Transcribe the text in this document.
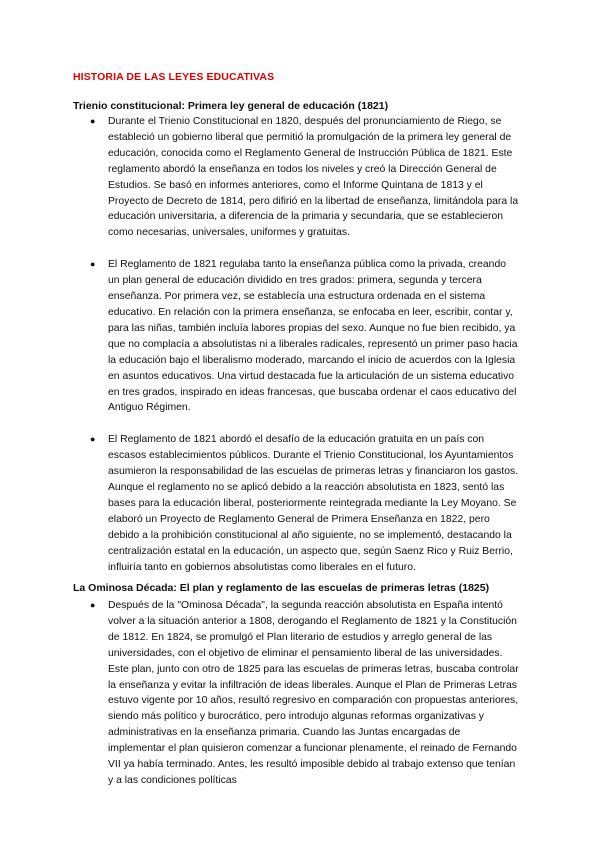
HISTORIA DE LAS LEYES EDUCATIVAS
Trienio constitucional: Primera ley general de educación (1821)
● Durante el Trienio Constitucional en 1820, después del pronunciamiento de Riego, se estableció un gobierno liberal que permitió la promulgación de la primera ley general de educación, conocida como el Reglamento General de Instrucción Pública de 1821. Este reglamento abordó la enseñanza en todos los niveles y creó la Dirección General de Estudios. Se basó en informes anteriores, como el Informe Quintana de 1813 y el Proyecto de Decreto de 1814, pero difirió en la libertad de enseñanza, limitándola para la educación universitaria, a diferencia de la primaria y secundaria, que se establecieron como necesarias, universales, uniformes y gratuitas.
● El Reglamento de 1821 regulaba tanto la enseñanza pública como la privada, creando un plan general de educación dividido en tres grados: primera, segunda y tercera enseñanza. Por primera vez, se establecía una estructura ordenada en el sistema educativo. En relación con la primera enseñanza, se enfocaba en leer, escribir, contar y, para las niñas, también incluía labores propias del sexo. Aunque no fue bien recibido, ya que no complacía a absolutistas ni a liberales radicales, representó un primer paso hacia la educación bajo el liberalismo moderado, marcando el inicio de acuerdos con la Iglesia en asuntos educativos. Una virtud destacada fue la articulación de un sistema educativo en tres grados, inspirado en ideas francesas, que buscaba ordenar el caos educativo del Antiguo Régimen.
● El Reglamento de 1821 abordó el desafío de la educación gratuita en un país con escasos establecimientos públicos. Durante el Trienio Constitucional, los Ayuntamientos asumieron la responsabilidad de las escuelas de primeras letras y financiaron los gastos. Aunque el reglamento no se aplicó debido a la reacción absolutista en 1823, sentó las bases para la educación liberal, posteriormente reintegrada mediante la Ley Moyano. Se elaboró un Proyecto de Reglamento General de Primera Enseñanza en 1822, pero debido a la prohibición constitucional al año siguiente, no se implementó, destacando la centralización estatal en la educación, un aspecto que, según Saenz Rico y Ruiz Berrio, influiría tanto en gobiernos absolutistas como liberales en el futuro.
La Ominosa Década: El plan y reglamento de las escuelas de primeras letras (1825)
● Después de la "Ominosa Década", la segunda reacción absolutista en España intentó volver a la situación anterior a 1808, derogando el Reglamento de 1821 y la Constitución de 1812. En 1824, se promulgó el Plan literario de estudios y arreglo general de las universidades, con el objetivo de eliminar el pensamiento liberal de las universidades. Este plan, junto con otro de 1825 para las escuelas de primeras letras, buscaba controlar la enseñanza y evitar la infiltración de ideas liberales. Aunque el Plan de Primeras Letras estuvo vigente por 10 años, resultó regresivo en comparación con propuestas anteriores, siendo más político y burocrático, pero introdujo algunas reformas organizativas y administrativas en la enseñanza primaria. Cuando las Juntas encargadas de implementar el plan quisieron comenzar a funcionar plenamente, el reinado de Fernando VII ya había terminado. Antes, les resultó imposible debido al trabajo extenso que tenían y a las condiciones políticas
